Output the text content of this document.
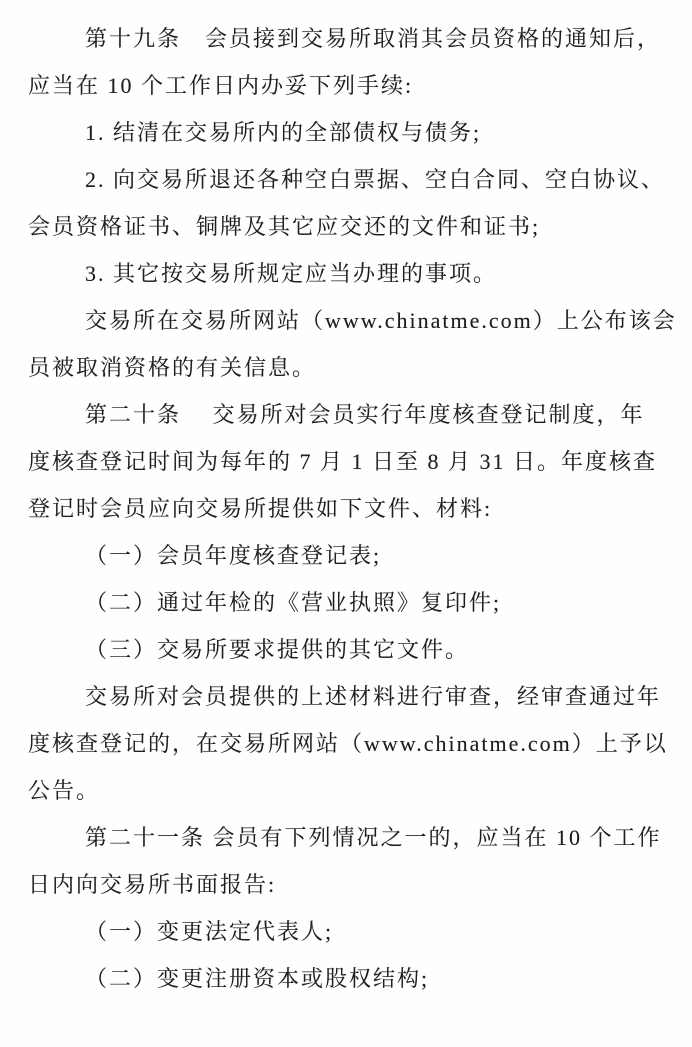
第十九条　会员接到交易所取消其会员资格的通知后，
应当在 10 个工作日内办妥下列手续:
1. 结清在交易所内的全部债权与债务;
2. 向交易所退还各种空白票据、空白合同、空白协议、
会员资格证书、铜牌及其它应交还的文件和证书;
3. 其它按交易所规定应当办理的事项。
交易所在交易所网站（www.chinatme.com）上公布该会
员被取消资格的有关信息。
第二十条　 交易所对会员实行年度核查登记制度，年
度核查登记时间为每年的 7 月 1 日至 8 月 31 日。年度核查
登记时会员应向交易所提供如下文件、材料:
（一）会员年度核查登记表;
（二）通过年检的《营业执照》复印件;
（三）交易所要求提供的其它文件。
交易所对会员提供的上述材料进行审查，经审查通过年
度核查登记的，在交易所网站（www.chinatme.com）上予以
公告。
第二十一条 会员有下列情况之一的，应当在 10 个工作
日内向交易所书面报告:
（一）变更法定代表人;
（二）变更注册资本或股权结构;
